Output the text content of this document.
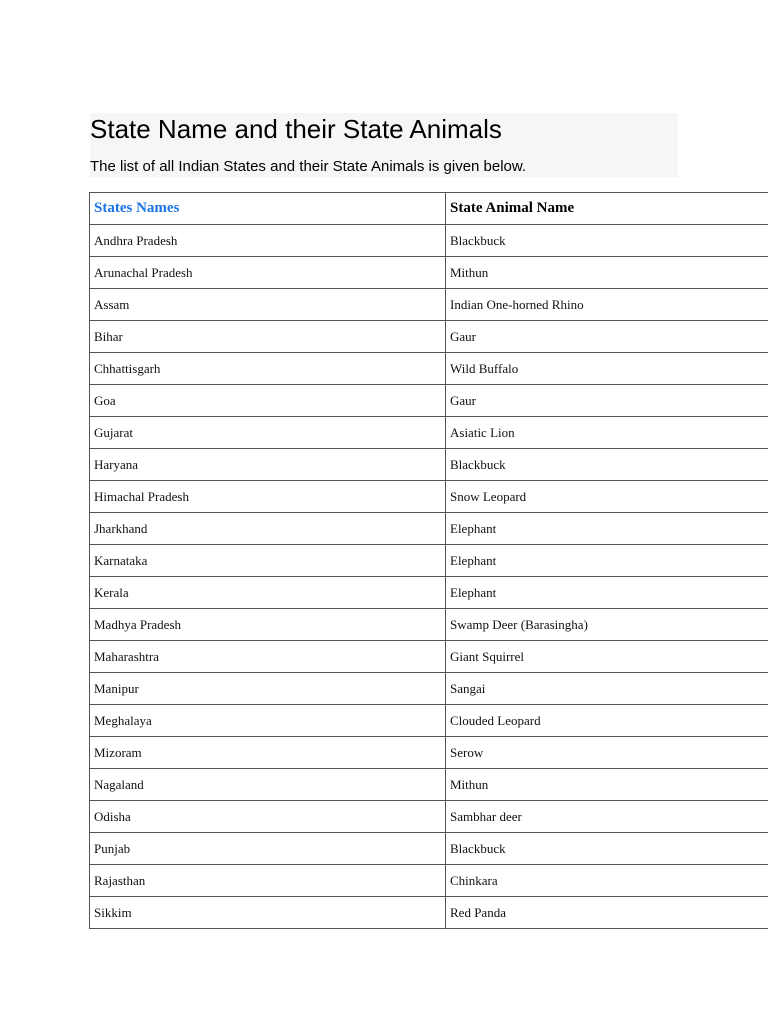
State Name and their State Animals

The list of all Indian States and their State Animals is given below.

States Names	State Animal Name
Andhra Pradesh	Blackbuck
Arunachal Pradesh	Mithun
Assam	Indian One-horned Rhino
Bihar	Gaur
Chhattisgarh	Wild Buffalo
Goa	Gaur
Gujarat	Asiatic Lion
Haryana	Blackbuck
Himachal Pradesh	Snow Leopard
Jharkhand	Elephant
Karnataka	Elephant
Kerala	Elephant
Madhya Pradesh	Swamp Deer (Barasingha)
Maharashtra	Giant Squirrel
Manipur	Sangai
Meghalaya	Clouded Leopard
Mizoram	Serow
Nagaland	Mithun
Odisha	Sambhar deer
Punjab	Blackbuck
Rajasthan	Chinkara
Sikkim	Red Panda
